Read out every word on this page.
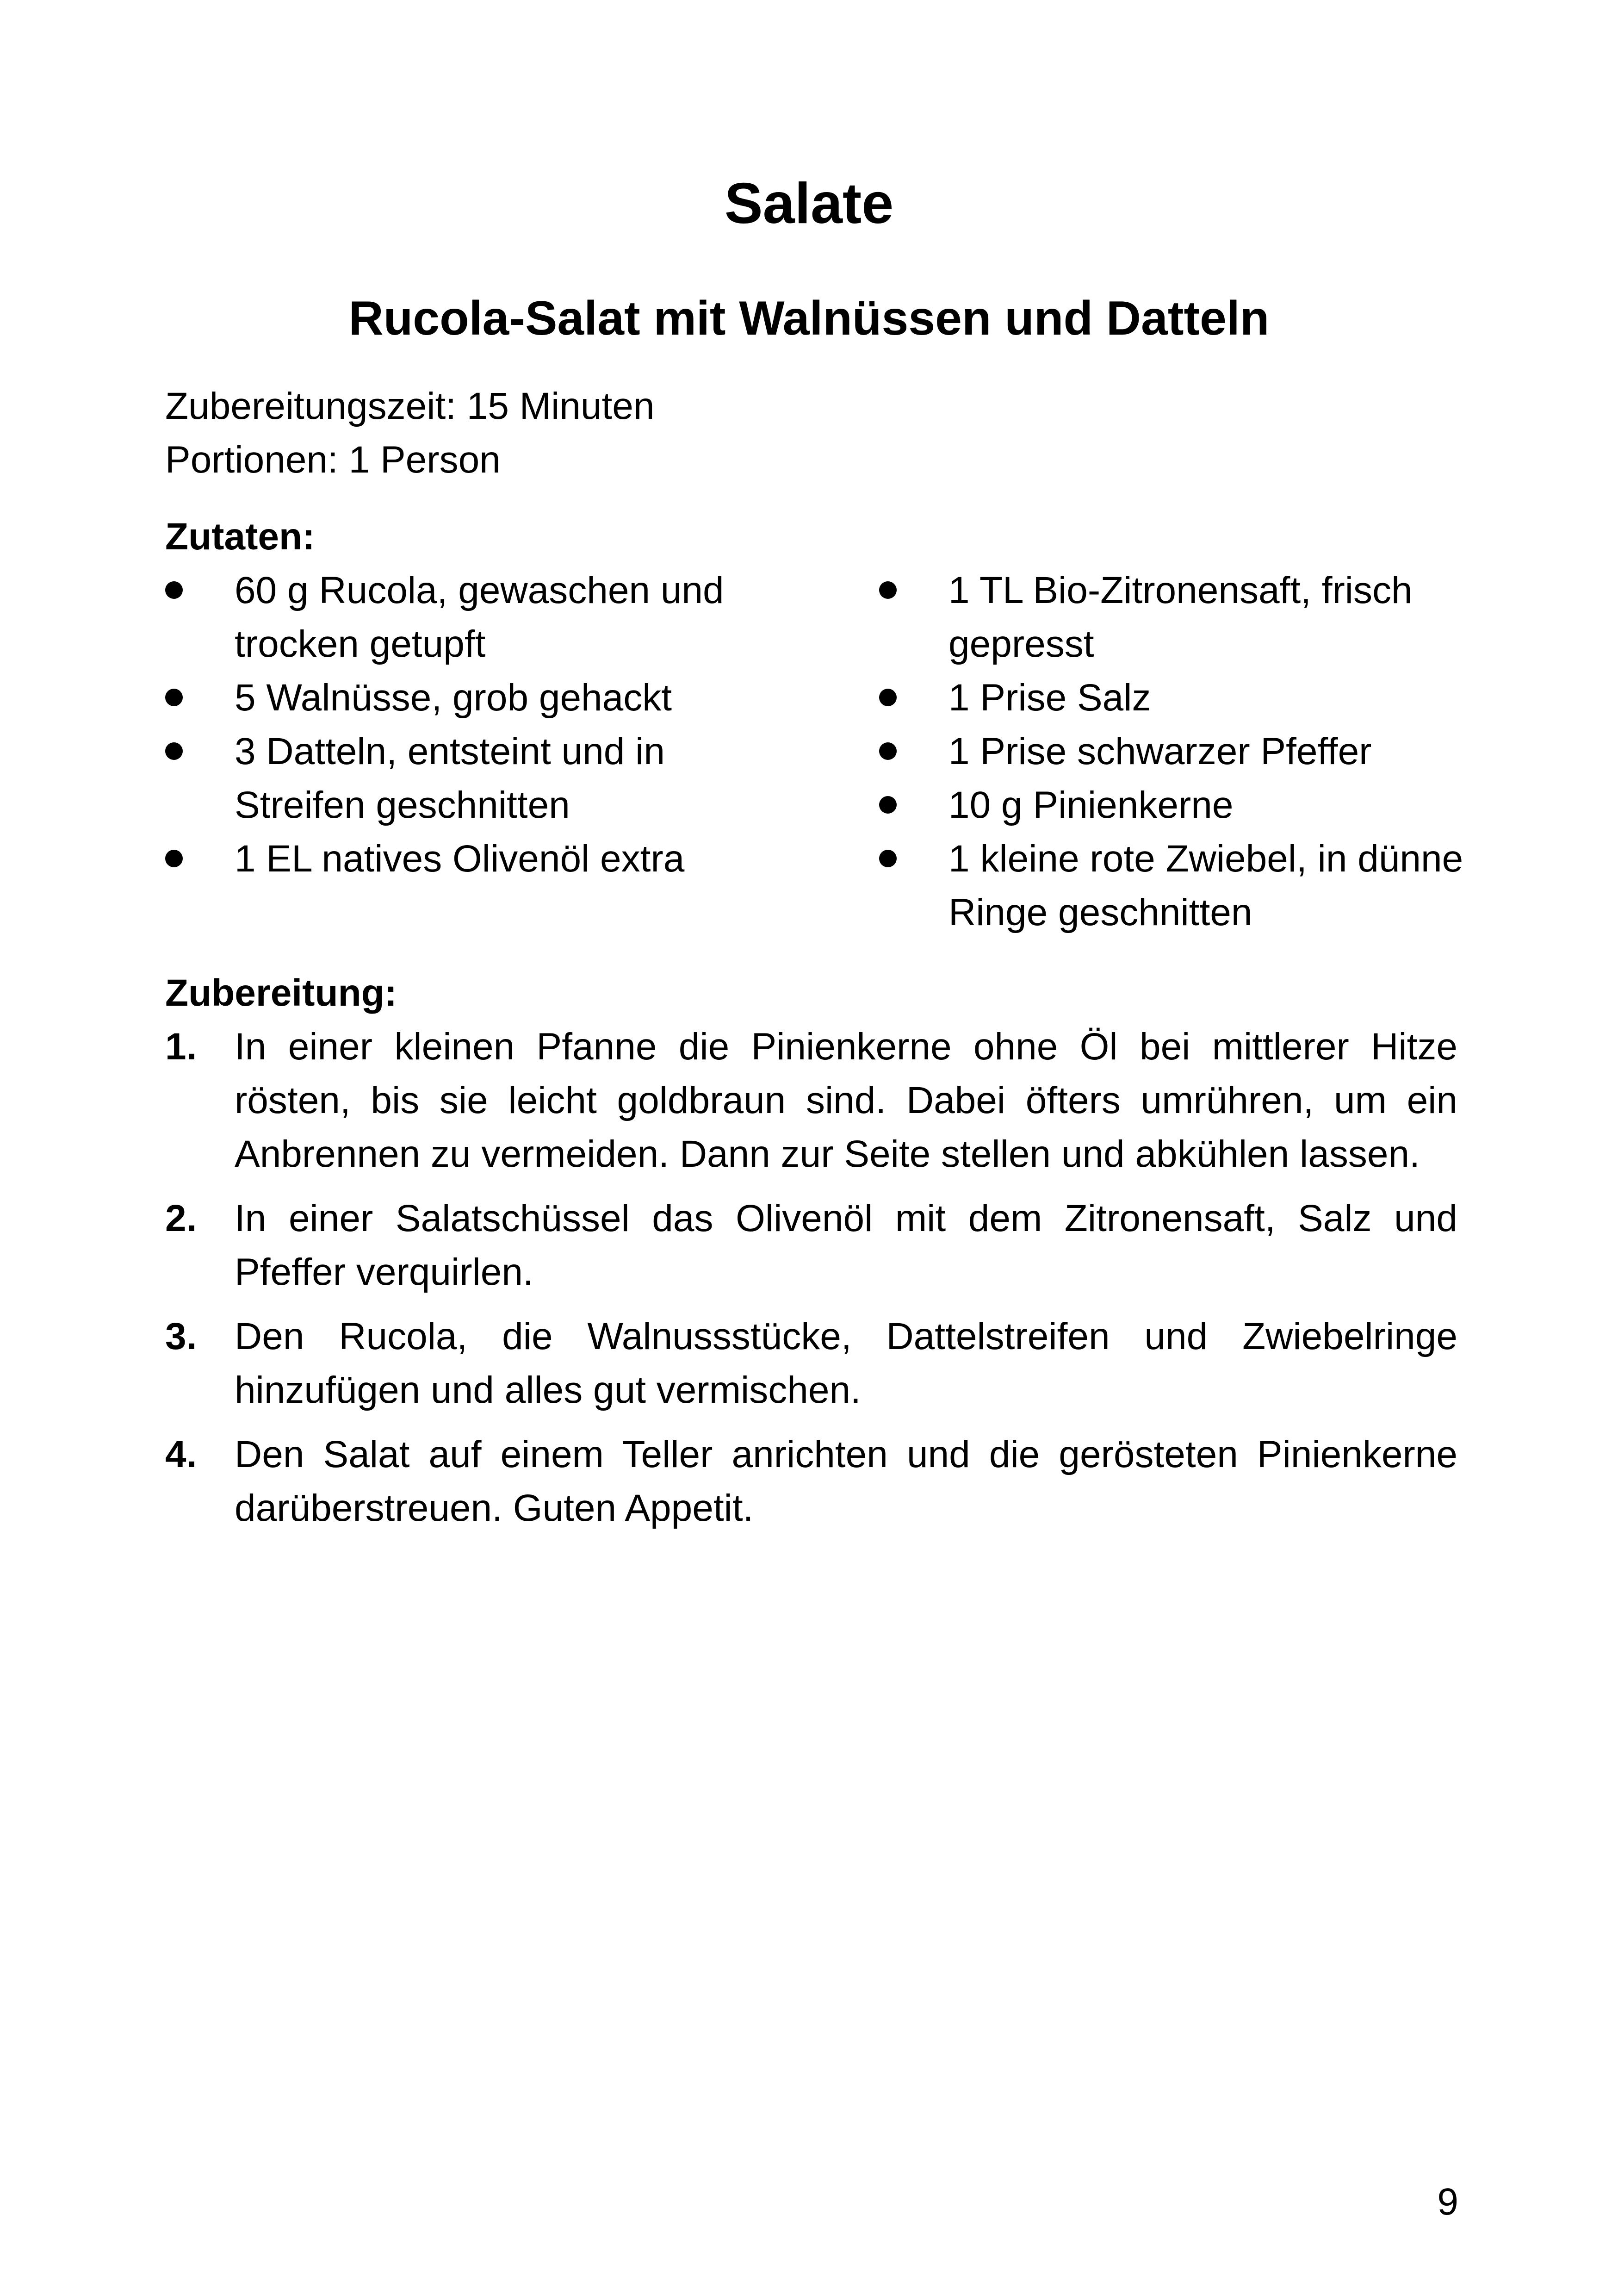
Salate
Rucola-Salat mit Walnüssen und Datteln
Zubereitungszeit: 15 Minuten
Portionen: 1 Person
Zutaten:
60 g Rucola, gewaschen und trocken getupft
5 Walnüsse, grob gehackt
3 Datteln, entsteint und in Streifen geschnitten
1 EL natives Olivenöl extra
1 TL Bio-Zitronensaft, frisch gepresst
1 Prise Salz
1 Prise schwarzer Pfeffer
10 g Pinienkerne
1 kleine rote Zwiebel, in dünne Ringe geschnitten
Zubereitung:
1. In einer kleinen Pfanne die Pinienkerne ohne Öl bei mittlerer Hitze rösten, bis sie leicht goldbraun sind. Dabei öfters umrühren, um ein Anbrennen zu vermeiden. Dann zur Seite stellen und abkühlen lassen.
2. In einer Salatschüssel das Olivenöl mit dem Zitronensaft, Salz und Pfeffer verquirlen.
3. Den Rucola, die Walnussstücke, Dattelstreifen und Zwiebelringe hinzufügen und alles gut vermischen.
4. Den Salat auf einem Teller anrichten und die gerösteten Pinienkerne darüberstreuen. Guten Appetit.
9
